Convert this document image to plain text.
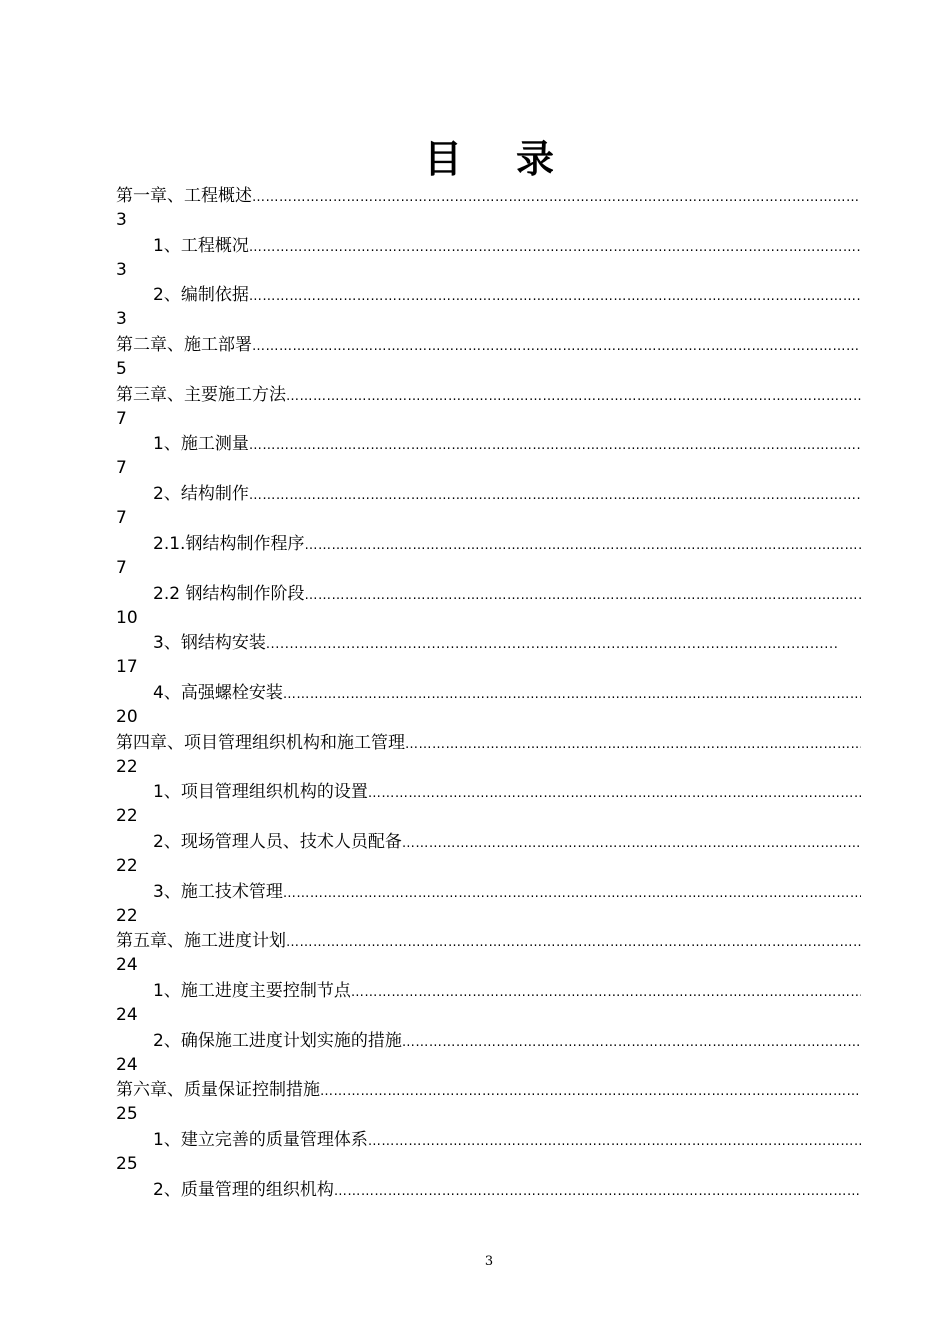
目 录
第一章、工程概述
……………………………………………………………………………………………………………………………………………………………………………………………………………
3
1、工程概况
……………………………………………………………………………………………………………………………………………………………………………………………………………
3
2、编制依据
……………………………………………………………………………………………………………………………………………………………………………………………………………
3
第二章、施工部署
……………………………………………………………………………………………………………………………………………………………………………………………………………
5
第三章、主要施工方法
……………………………………………………………………………………………………………………………………………………………………………………………………………
7
1、施工测量
……………………………………………………………………………………………………………………………………………………………………………………………………………
7
2、结构制作
……………………………………………………………………………………………………………………………………………………………………………………………………………
7
2.1.钢结构制作程序
……………………………………………………………………………………………………………………………………………………………………………………………………………
7
2.2 钢结构制作阶段
……………………………………………………………………………………………………………………………………………………………………………………………………………
10
3、钢结构安装
.....
17
4、高强螺栓安装
……………………………………………………………………………………………………………………………………………………………………………………………………………
20
第四章、项目管理组织机构和施工管理
……………………………………………………………………………………………………………………………………………………………………………………………………………
22
1、项目管理组织机构的设置
……………………………………………………………………………………………………………………………………………………………………………………………………………
22
2、现场管理人员、技术人员配备
……………………………………………………………………………………………………………………………………………………………………………………………………………
22
3、施工技术管理
……………………………………………………………………………………………………………………………………………………………………………………………………………
22
第五章、施工进度计划
……………………………………………………………………………………………………………………………………………………………………………………………………………
24
1、施工进度主要控制节点
……………………………………………………………………………………………………………………………………………………………………………………………………………
24
2、确保施工进度计划实施的措施
……………………………………………………………………………………………………………………………………………………………………………………………………………
24
第六章、质量保证控制措施
……………………………………………………………………………………………………………………………………………………………………………………………………………
25
1、建立完善的质量管理体系
……………………………………………………………………………………………………………………………………………………………………………………………………………
25
2、质量管理的组织机构
……………………………………………………………………………………………………………………………………………………………………………………………………………
3
